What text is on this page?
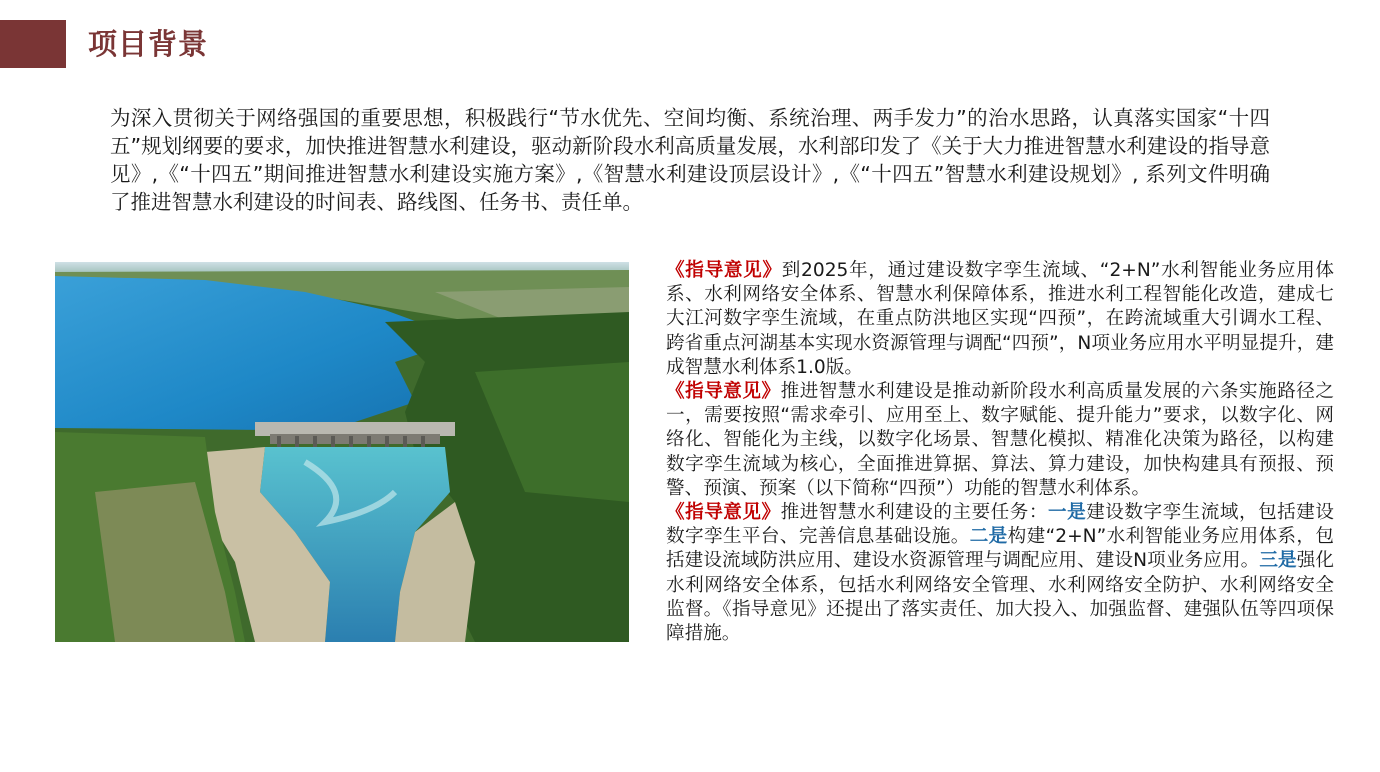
项目背景
为深入贯彻关于网络强国的重要思想，积极践行“节水优先、空间均衡、系统治理、两手发力”的治水思路，认真落实国家“十四五”规划纲要的要求，加快推进智慧水利建设，驱动新阶段水利高质量发展，水利部印发了《关于大力推进智慧水利建设的指导意见》,《“十四五”期间推进智慧水利建设实施方案》,《智慧水利建设顶层设计》,《“十四五”智慧水利建设规划》, 系列文件明确了推进智慧水利建设的时间表、路线图、任务书、责任单。

《指导意见》到2025年，通过建设数字孪生流域、“2+N”水利智能业务应用体系、水利网络安全体系、智慧水利保障体系，推进水利工程智能化改造，建成七大江河数字孪生流域，在重点防洪地区实现“四预”，在跨流域重大引调水工程、跨省重点河湖基本实现水资源管理与调配“四预”，N项业务应用水平明显提升，建成智慧水利体系1.0版。

《指导意见》推进智慧水利建设是推动新阶段水利高质量发展的六条实施路径之一，需要按照“需求牵引、应用至上、数字赋能、提升能力”要求，以数字化、网络化、智能化为主线，以数字化场景、智慧化模拟、精准化决策为路径，以构建数字孪生流域为核心，全面推进算据、算法、算力建设，加快构建具有预报、预警、预演、预案（以下简称“四预”）功能的智慧水利体系。

《指导意见》推进智慧水利建设的主要任务：一是建设数字孪生流域，包括建设数字孪生平台、完善信息基础设施。二是构建“2+N”水利智能业务应用体系，包括建设流域防洪应用、建设水资源管理与调配应用、建设N项业务应用。三是强化水利网络安全体系，包括水利网络安全管理、水利网络安全防护、水利网络安全监督。《指导意见》还提出了落实责任、加大投入、加强监督、建强队伍等四项保障措施。
